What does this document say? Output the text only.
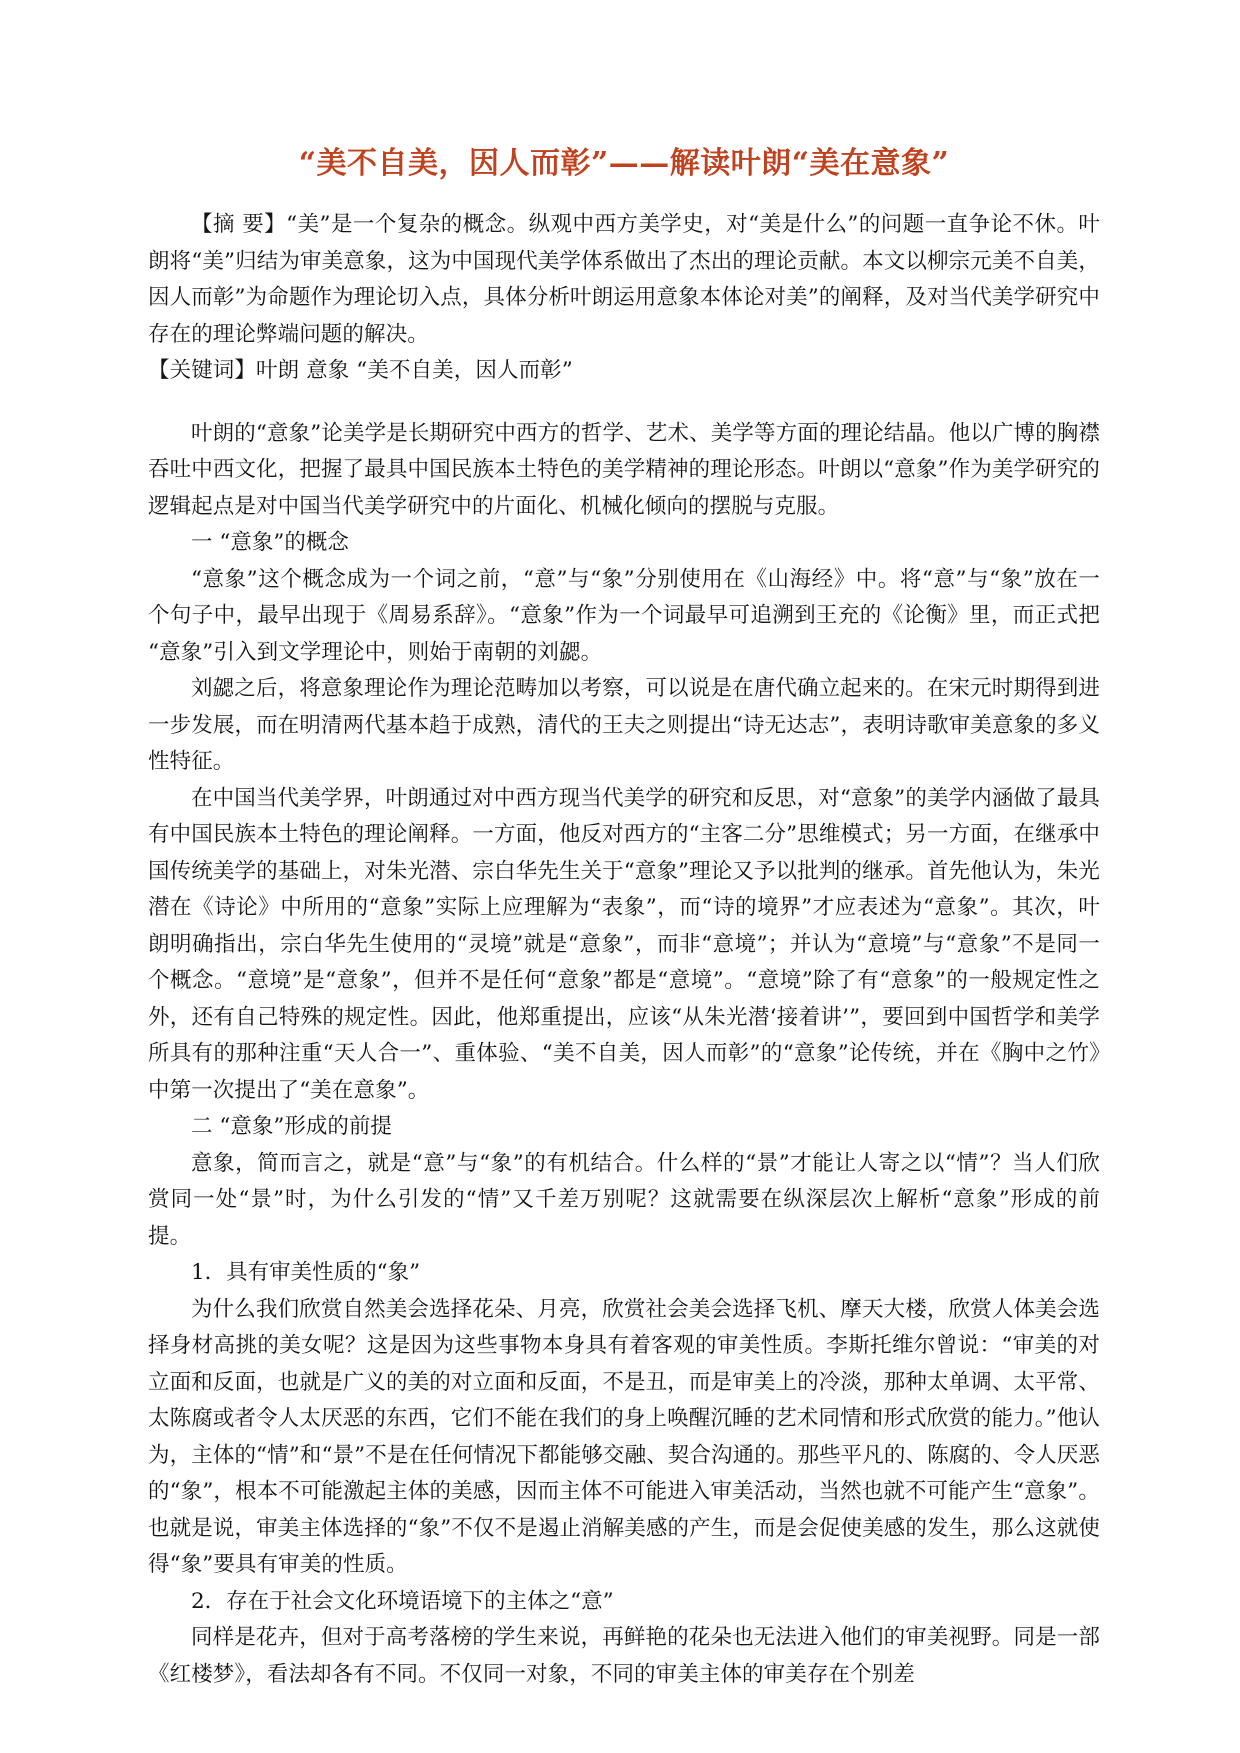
“美不自美，因人而彰”——解读叶朗“美在意象”

【摘 要】“美”是一个复杂的概念。纵观中西方美学史，对“美是什么”的问题一直争论不休。叶朗将“美”归结为审美意象，这为中国现代美学体系做出了杰出的理论贡献。本文以柳宗元美不自美，因人而彰”为命题作为理论切入点，具体分析叶朗运用意象本体论对美”的阐释，及对当代美学研究中存在的理论弊端问题的解决。

【关键词】叶朗 意象 “美不自美，因人而彰”

叶朗的“意象”论美学是长期研究中西方的哲学、艺术、美学等方面的理论结晶。他以广博的胸襟吞吐中西文化，把握了最具中国民族本土特色的美学精神的理论形态。叶朗以“意象”作为美学研究的逻辑起点是对中国当代美学研究中的片面化、机械化倾向的摆脱与克服。

一 “意象”的概念

“意象”这个概念成为一个词之前，“意”与“象”分别使用在《山海经》中。将“意”与“象”放在一个句子中，最早出现于《周易系辞》。“意象”作为一个词最早可追溯到王充的《论衡》里，而正式把“意象”引入到文学理论中，则始于南朝的刘勰。

刘勰之后，将意象理论作为理论范畴加以考察，可以说是在唐代确立起来的。在宋元时期得到进一步发展，而在明清两代基本趋于成熟，清代的王夫之则提出“诗无达志”，表明诗歌审美意象的多义性特征。

在中国当代美学界，叶朗通过对中西方现当代美学的研究和反思，对“意象”的美学内涵做了最具有中国民族本土特色的理论阐释。一方面，他反对西方的“主客二分”思维模式；另一方面，在继承中国传统美学的基础上，对朱光潜、宗白华先生关于“意象”理论又予以批判的继承。首先他认为，朱光潜在《诗论》中所用的“意象”实际上应理解为“表象”，而“诗的境界”才应表述为“意象”。其次，叶朗明确指出，宗白华先生使用的“灵境”就是“意象”，而非“意境”；并认为“意境”与“意象”不是同一个概念。“意境”是“意象”，但并不是任何“意象”都是“意境”。“意境”除了有“意象”的一般规定性之外，还有自己特殊的规定性。因此，他郑重提出，应该“从朱光潜‘接着讲’”，要回到中国哲学和美学所具有的那种注重“天人合一”、重体验、“美不自美，因人而彰”的“意象”论传统，并在《胸中之竹》中第一次提出了“美在意象”。

二 “意象”形成的前提

意象，简而言之，就是“意”与“象”的有机结合。什么样的“景”才能让人寄之以“情”？当人们欣赏同一处“景”时，为什么引发的“情”又千差万别呢？这就需要在纵深层次上解析“意象”形成的前提。

1．具有审美性质的“象”

为什么我们欣赏自然美会选择花朵、月亮，欣赏社会美会选择飞机、摩天大楼，欣赏人体美会选择身材高挑的美女呢？这是因为这些事物本身具有着客观的审美性质。李斯托维尔曾说：“审美的对立面和反面，也就是广义的美的对立面和反面，不是丑，而是审美上的冷淡，那种太单调、太平常、太陈腐或者令人太厌恶的东西，它们不能在我们的身上唤醒沉睡的艺术同情和形式欣赏的能力。”他认为，主体的“情”和“景”不是在任何情况下都能够交融、契合沟通的。那些平凡的、陈腐的、令人厌恶的“象”，根本不可能激起主体的美感，因而主体不可能进入审美活动，当然也就不可能产生“意象”。也就是说，审美主体选择的“象”不仅不是遏止消解美感的产生，而是会促使美感的发生，那么这就使得“象”要具有审美的性质。

2．存在于社会文化环境语境下的主体之“意”

同样是花卉，但对于高考落榜的学生来说，再鲜艳的花朵也无法进入他们的审美视野。同是一部《红楼梦》，看法却各有不同。不仅同一对象，不同的审美主体的审美存在个别差
